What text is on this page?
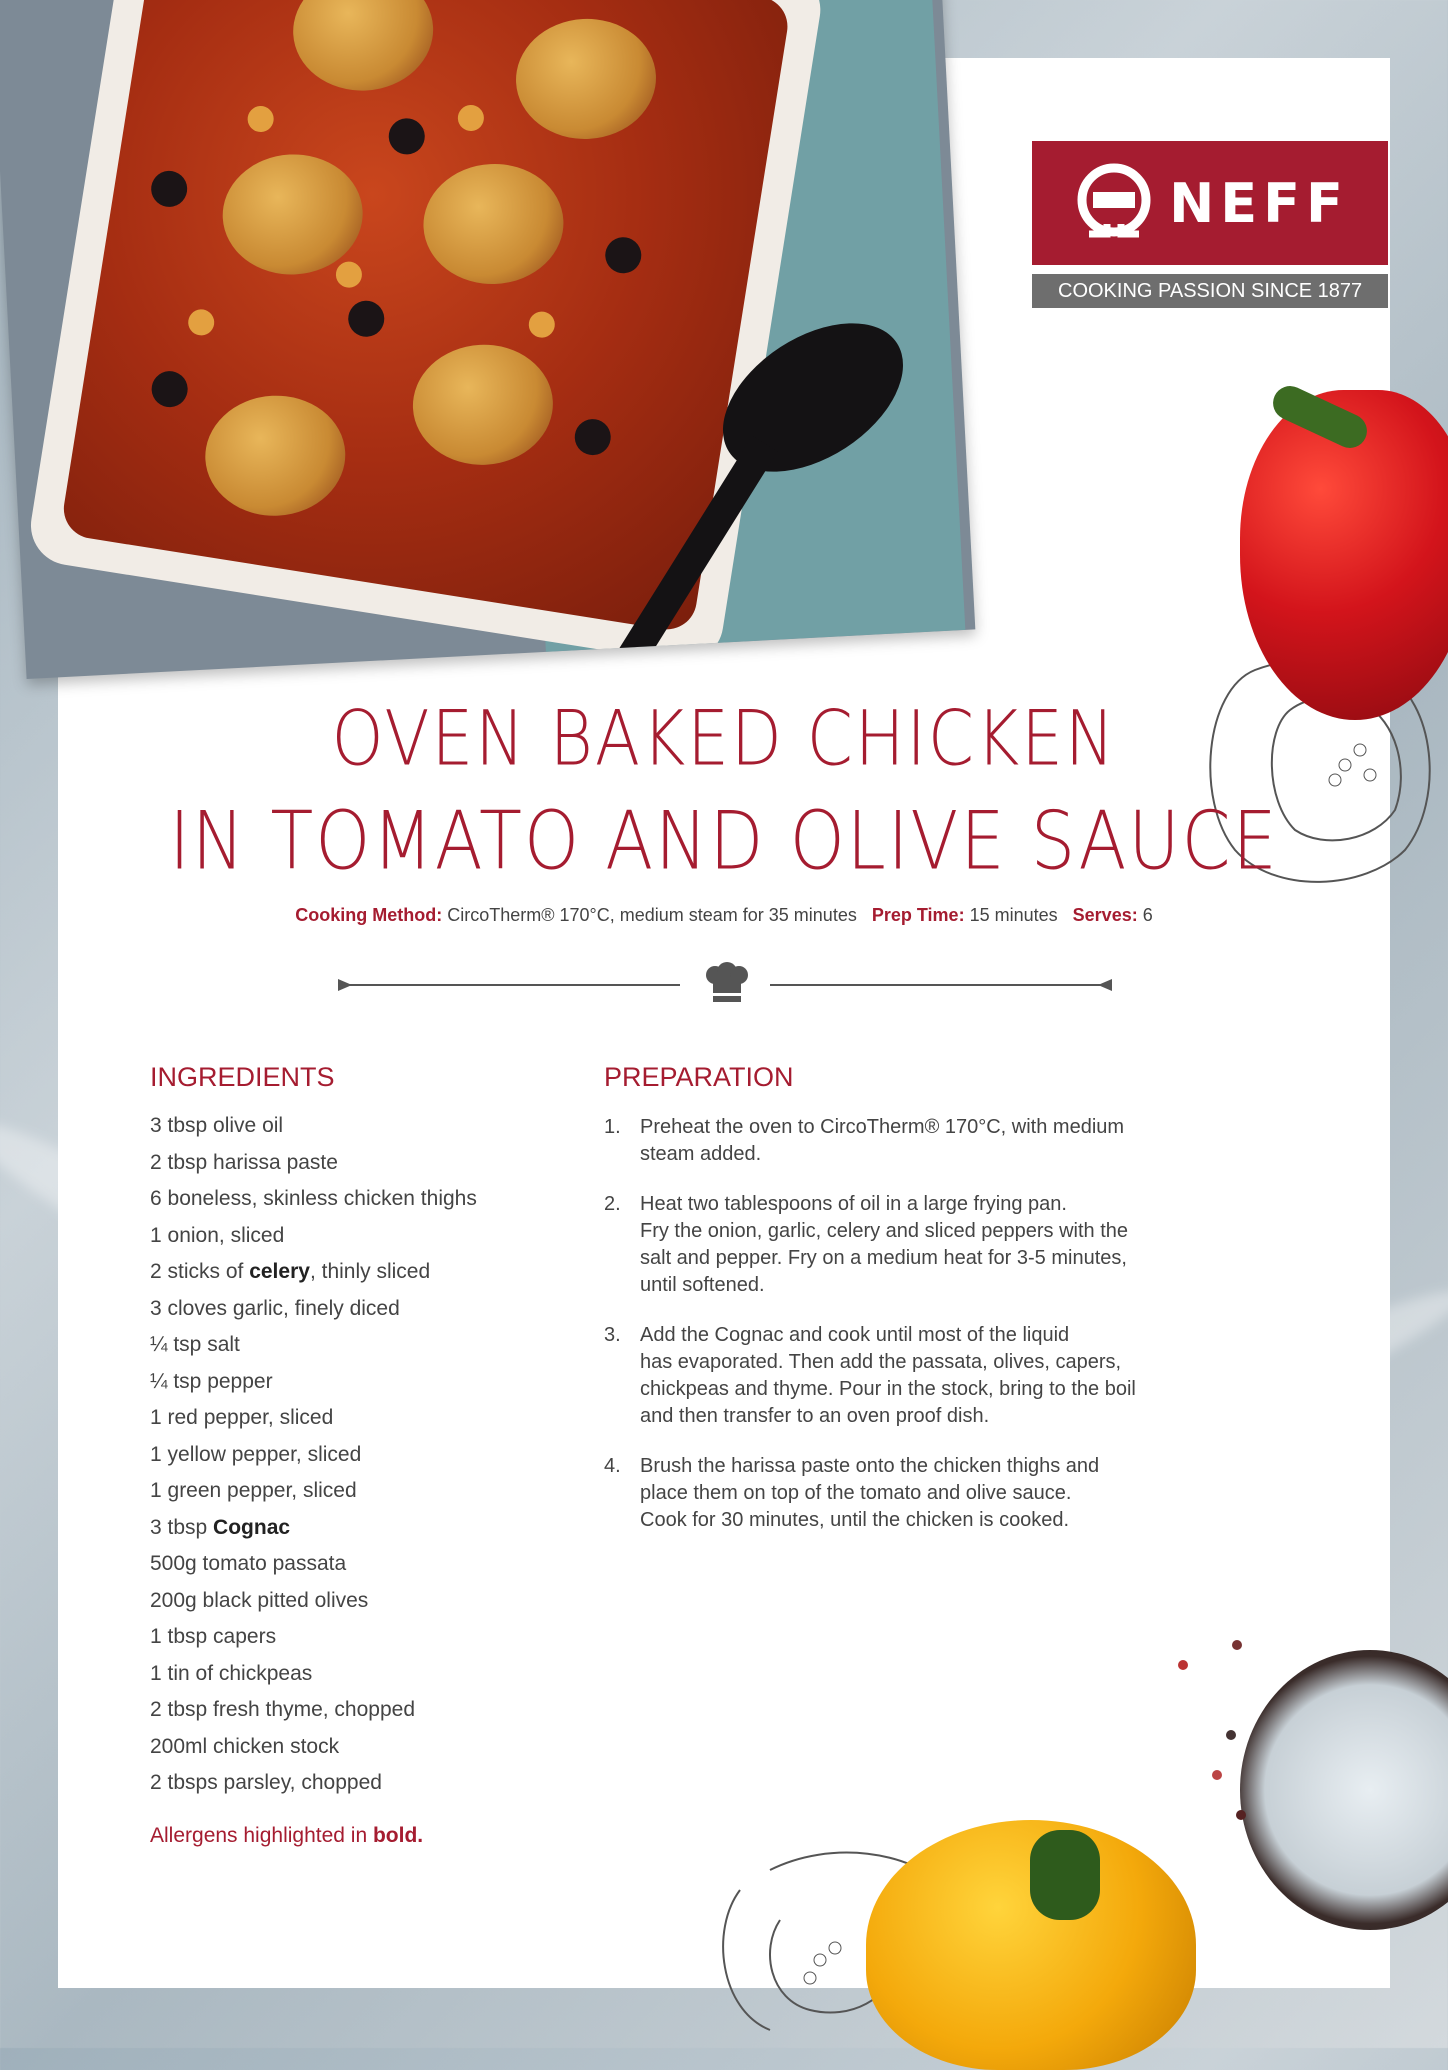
NEFF
COOKING PASSION SINCE 1877
OVEN BAKED CHICKEN
IN TOMATO AND OLIVE SAUCE
Cooking Method: CircoTherm® 170°C, medium steam for 35 minutes Prep Time: 15 minutes Serves: 6
INGREDIENTS
3 tbsp olive oil
2 tbsp harissa paste
6 boneless, skinless chicken thighs
1 onion, sliced
2 sticks of celery, thinly sliced
3 cloves garlic, finely diced
¼ tsp salt
¼ tsp pepper
1 red pepper, sliced
1 yellow pepper, sliced
1 green pepper, sliced
3 tbsp Cognac
500g tomato passata
200g black pitted olives
1 tbsp capers
1 tin of chickpeas
2 tbsp fresh thyme, chopped
200ml chicken stock
2 tbsps parsley, chopped
Allergens highlighted in bold.
PREPARATION
1. Preheat the oven to CircoTherm® 170°C, with medium
steam added.
2. Heat two tablespoons of oil in a large frying pan.
Fry the onion, garlic, celery and sliced peppers with the
salt and pepper. Fry on a medium heat for 3-5 minutes,
until softened.
3. Add the Cognac and cook until most of the liquid
has evaporated. Then add the passata, olives, capers,
chickpeas and thyme. Pour in the stock, bring to the boil
and then transfer to an oven proof dish.
4. Brush the harissa paste onto the chicken thighs and
place them on top of the tomato and olive sauce.
Cook for 30 minutes, until the chicken is cooked.
